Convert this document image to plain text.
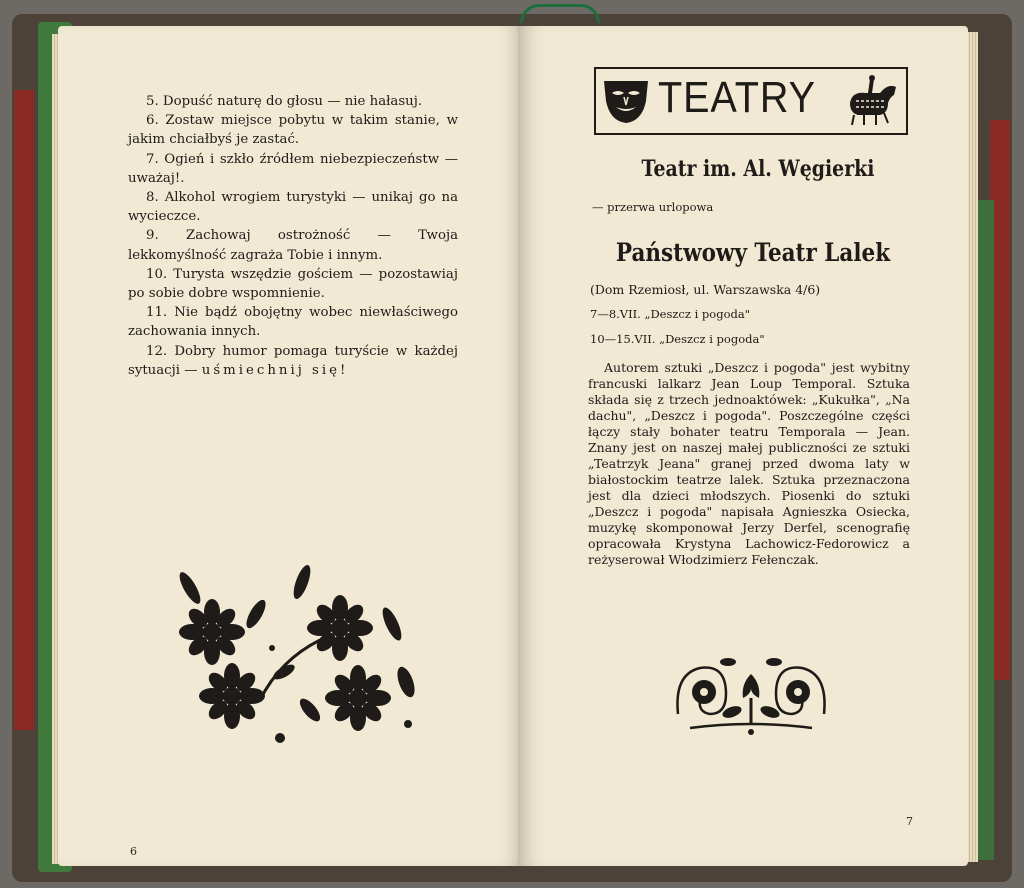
5. Dopuść naturę do głosu — nie hałasuj.
6. Zostaw miejsce pobytu w takim stanie, w jakim chciałbyś je zastać.
7. Ogień i szkło źródłem niebezpieczeństw — uważaj!.
8. Alkohol wrogiem turystyki — unikaj go na wycieczce.
9. Zachowaj ostrożność — Twoja lekkomyślność zagraża Tobie i innym.
10. Turysta wszędzie gościem — pozostawiaj po sobie dobre wspomnienie.
11. Nie bądź obojętny wobec niewłaściwego zachowania innych.
12. Dobry humor pomaga turyście w każdej sytuacji — uśmiechnij się!
6
TEATRY
Teatr im. Al. Węgierki
— przerwa urlopowa
Państwowy Teatr Lalek
(Dom Rzemiosł, ul. Warszawska 4/6)
7—8.VII. „Deszcz i pogoda"
10—15.VII. „Deszcz i pogoda"
Autorem sztuki „Deszcz i pogoda" jest wybitny francuski lalkarz Jean Loup Temporal. Sztuka składa się z trzech jednoaktówek: „Kukułka", „Na dachu", „Deszcz i pogoda". Poszczególne części łączy stały bohater teatru Temporala — Jean. Znany jest on naszej małej publiczności ze sztuki „Teatrzyk Jeana" granej przed dwoma laty w białostockim teatrze lalek. Sztuka przeznaczona jest dla dzieci młodszych. Piosenki do sztuki „Deszcz i pogoda" napisała Agnieszka Osiecka, muzykę skomponował Jerzy Derfel, scenografię opracowała Krystyna Lachowicz-Fedorowicz a reżyserował Włodzimierz Fełenczak.
7
